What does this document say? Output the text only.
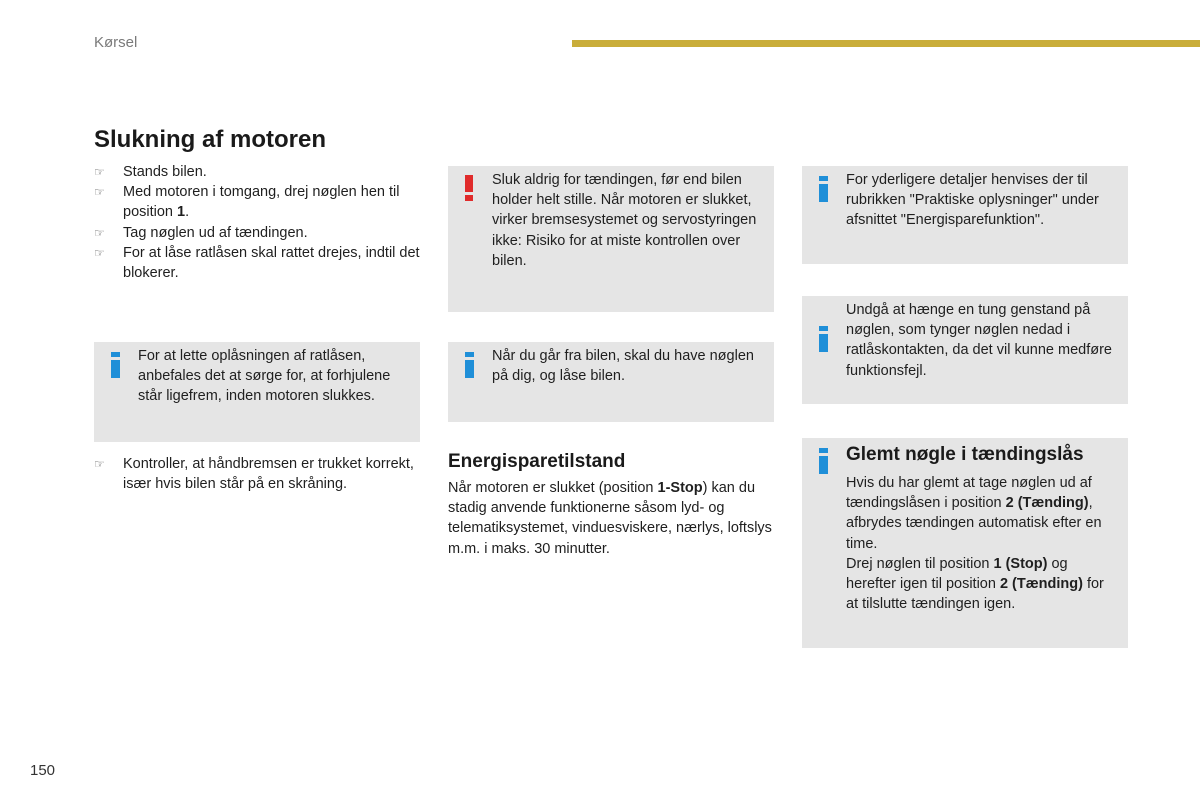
Kørsel
Slukning af motoren
☞ Stands bilen.
☞ Med motoren i tomgang, drej nøglen hen til position 1.
☞ Tag nøglen ud af tændingen.
☞ For at låse ratlåsen skal rattet drejes, indtil det blokerer.
For at lette oplåsningen af ratlåsen, anbefales det at sørge for, at forhjulene står ligefrem, inden motoren slukkes.
☞ Kontroller, at håndbremsen er trukket korrekt, især hvis bilen står på en skråning.
Sluk aldrig for tændingen, før end bilen holder helt stille. Når motoren er slukket, virker bremsesystemet og servostyringen ikke: Risiko for at miste kontrollen over bilen.
Når du går fra bilen, skal du have nøglen på dig, og låse bilen.
Energisparetilstand
Når motoren er slukket (position 1-Stop) kan du stadig anvende funktionerne såsom lyd- og telematiksystemet, vinduesviskere, nærlys, loftslys m.m. i maks. 30 minutter.
For yderligere detaljer henvises der til rubrikken "Praktiske oplysninger" under afsnittet "Energisparefunktion".
Undgå at hænge en tung genstand på nøglen, som tynger nøglen nedad i ratlåskontakten, da det vil kunne medføre funktionsfejl.
Glemt nøgle i tændingslås
Hvis du har glemt at tage nøglen ud af tændingslåsen i position 2 (Tænding), afbrydes tændingen automatisk efter en time.
Drej nøglen til position 1 (Stop) og herefter igen til position 2 (Tænding) for at tilslutte tændingen igen.
150
